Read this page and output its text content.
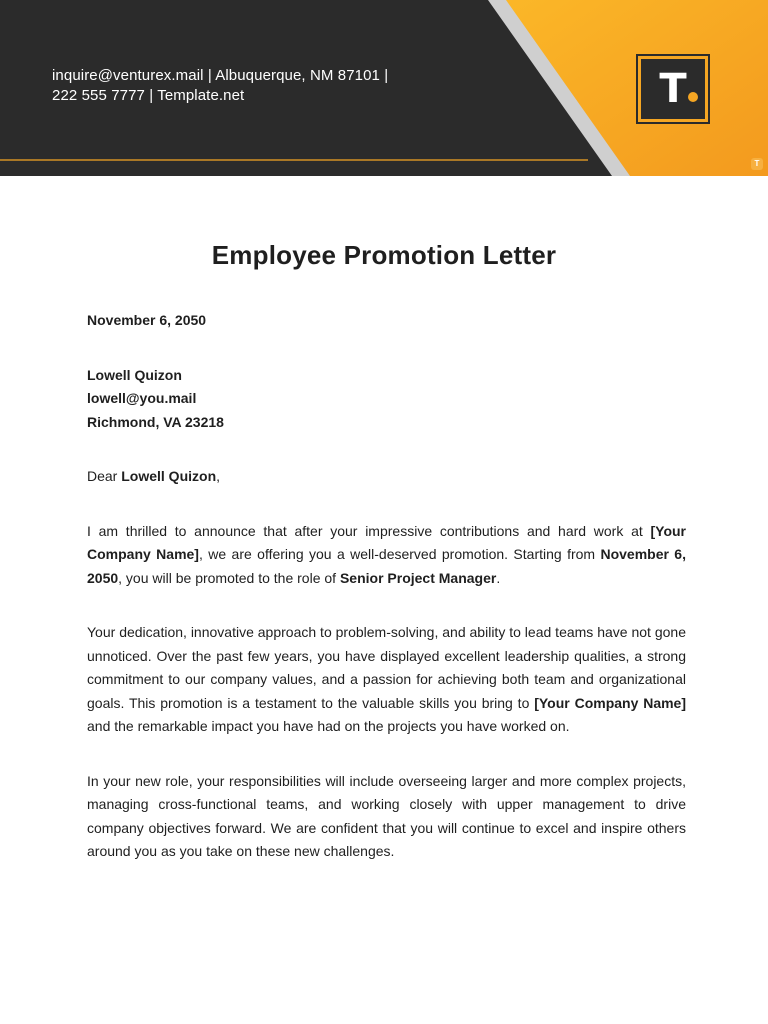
inquire@venturex.mail | Albuquerque, NM 87101 |
222 555 7777 | Template.net	T
T
Employee Promotion Letter

November 6, 2050

Lowell Quizon
lowell@you.mail
Richmond, VA 23218

Dear Lowell Quizon,

I am thrilled to announce that after your impressive contributions and hard work at [Your Company Name], we are offering you a well-deserved promotion. Starting from November 6, 2050, you will be promoted to the role of Senior Project Manager.

Your dedication, innovative approach to problem-solving, and ability to lead teams have not gone unnoticed. Over the past few years, you have displayed excellent leadership qualities, a strong commitment to our company values, and a passion for achieving both team and organizational goals. This promotion is a testament to the valuable skills you bring to [Your Company Name] and the remarkable impact you have had on the projects you have worked on.

In your new role, your responsibilities will include overseeing larger and more complex projects, managing cross-functional teams, and working closely with upper management to drive company objectives forward. We are confident that you will continue to excel and inspire others around you as you take on these new challenges.
